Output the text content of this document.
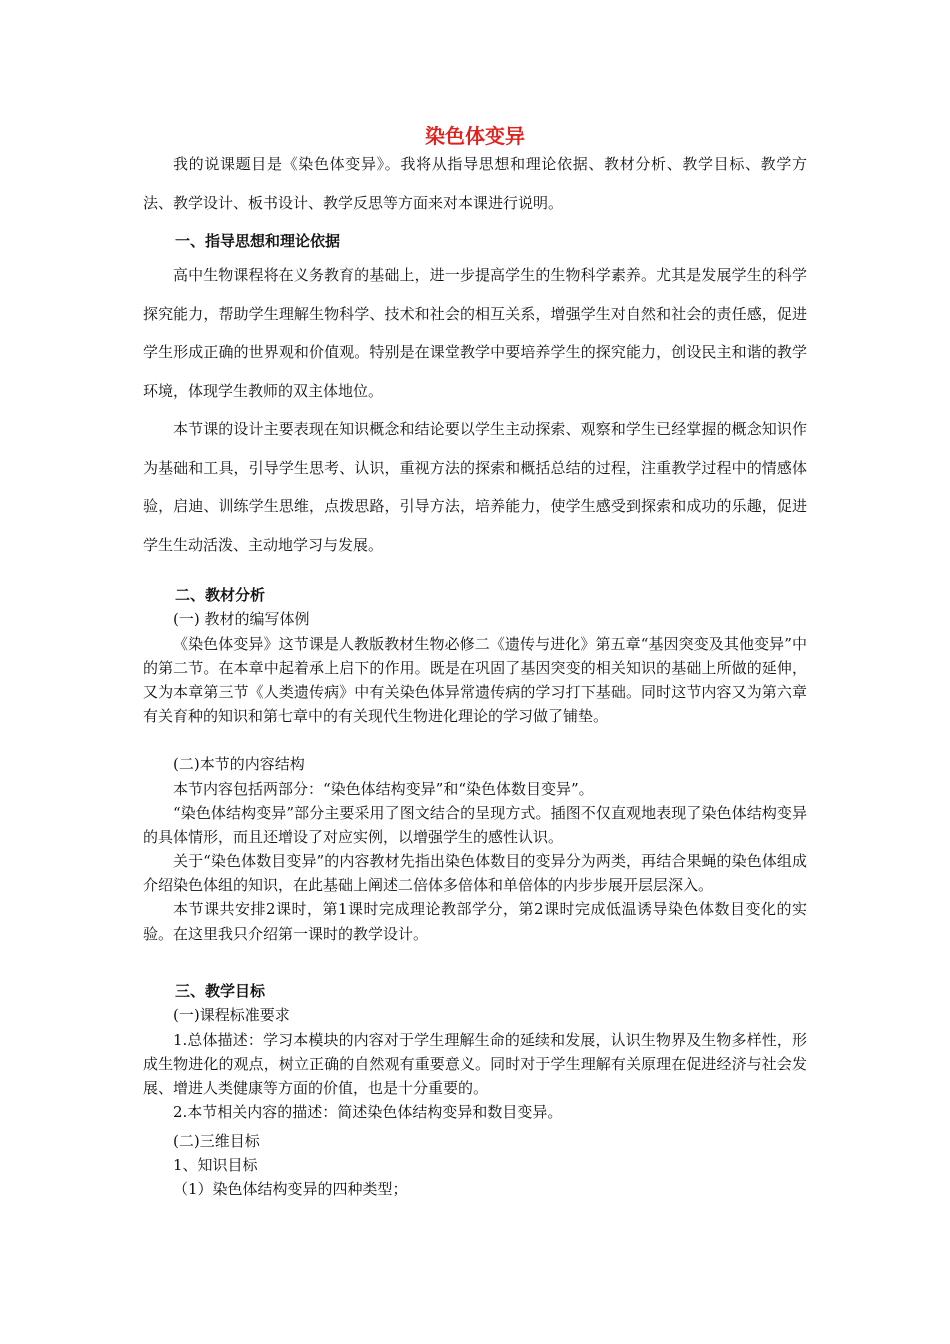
染色体变异

我的说课题目是《染色体变异》。我将从指导思想和理论依据、教材分析、教学目标、教学方法、教学设计、板书设计、教学反思等方面来对本课进行说明。

一、指导思想和理论依据

高中生物课程将在义务教育的基础上，进一步提高学生的生物科学素养。尤其是发展学生的科学探究能力，帮助学生理解生物科学、技术和社会的相互关系，增强学生对自然和社会的责任感，促进学生形成正确的世界观和价值观。特别是在课堂教学中要培养学生的探究能力，创设民主和谐的教学环境，体现学生教师的双主体地位。

本节课的设计主要表现在知识概念和结论要以学生主动探索、观察和学生已经掌握的概念知识作为基础和工具，引导学生思考、认识，重视方法的探索和概括总结的过程，注重教学过程中的情感体验，启迪、训练学生思维，点拨思路，引导方法，培养能力，使学生感受到探索和成功的乐趣，促进学生生动活泼、主动地学习与发展。

二、教材分析
(一) 教材的编写体例

《染色体变异》这节课是人教版教材生物必修二《遗传与进化》第五章“基因突变及其他变异”中的第二节。在本章中起着承上启下的作用。既是在巩固了基因突变的相关知识的基础上所做的延伸，又为本章第三节《人类遗传病》中有关染色体异常遗传病的学习打下基础。同时这节内容又为第六章有关育种的知识和第七章中的有关现代生物进化理论的学习做了铺垫。

(二)本节的内容结构

本节内容包括两部分：“染色体结构变异”和“染色体数目变异”。

“染色体结构变异”部分主要采用了图文结合的呈现方式。插图不仅直观地表现了染色体结构变异的具体情形，而且还增设了对应实例，以增强学生的感性认识。

关于“染色体数目变异”的内容教材先指出染色体数目的变异分为两类，再结合果蝇的染色体组成介绍染色体组的知识，在此基础上阐述二倍体多倍体和单倍体的内步步展开层层深入。

本节课共安排2课时，第1课时完成理论教部学分，第2课时完成低温诱导染色体数目变化的实验。在这里我只介绍第一课时的教学设计。

三、教学目标
(一)课程标准要求

1.总体描述：学习本模块的内容对于学生理解生命的延续和发展，认识生物界及生物多样性，形成生物进化的观点，树立正确的自然观有重要意义。同时对于学生理解有关原理在促进经济与社会发展、增进人类健康等方面的价值，也是十分重要的。

2.本节相关内容的描述：简述染色体结构变异和数目变异。

(二)三维目标
1、知识目标
（1）染色体结构变异的四种类型；
